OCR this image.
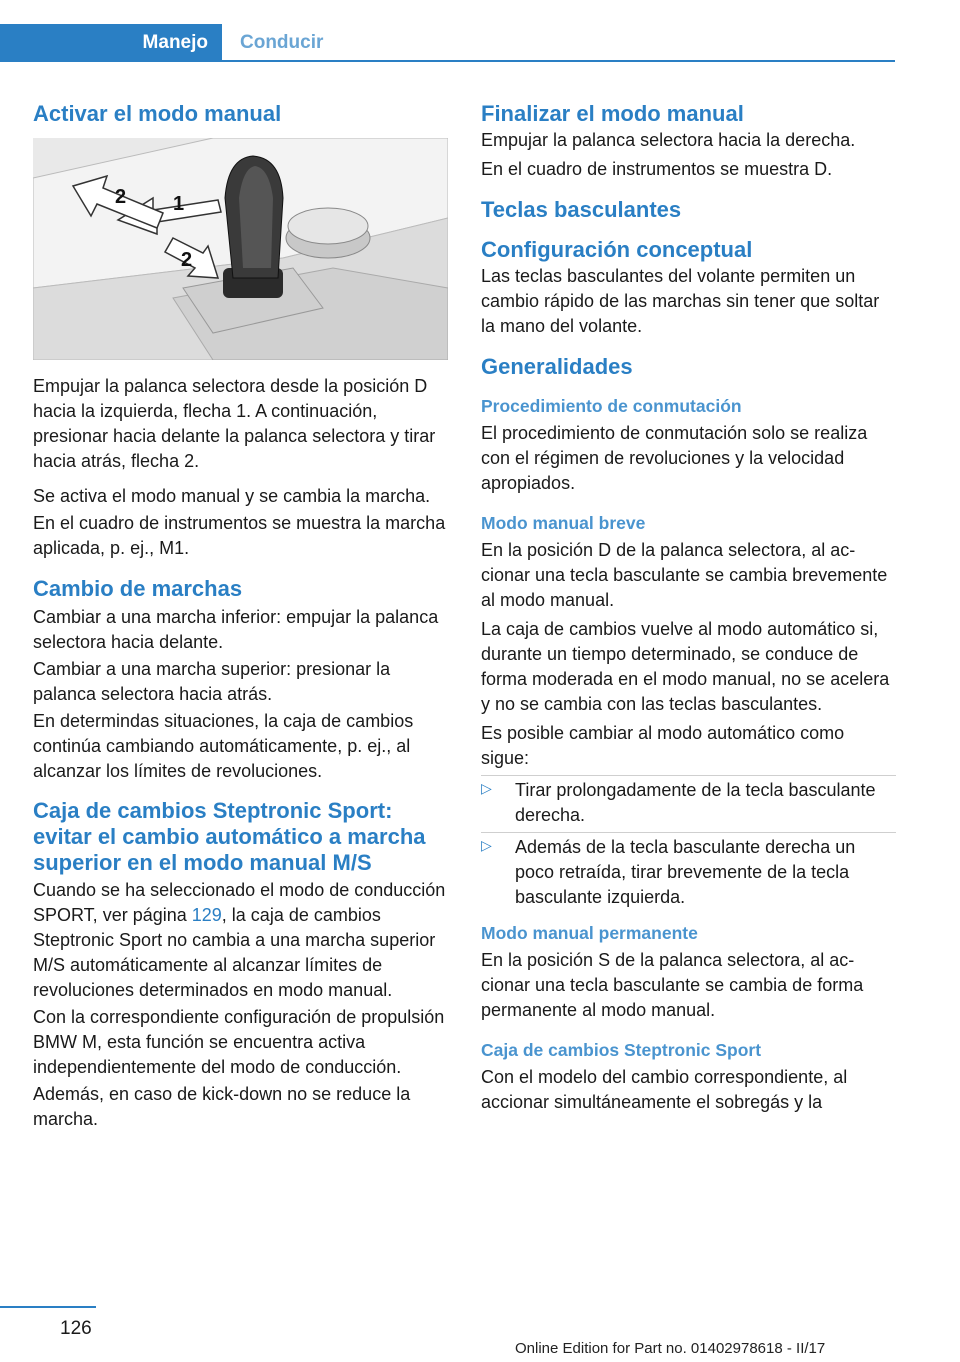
Manejo	Conducir
Activar el modo manual
1
2
2

Empujar la palanca selectora desde la posición D hacia la izquierda, flecha 1. A continuación, presionar hacia delante la palanca selectora y tirar hacia atrás, flecha 2.

Se activa el modo manual y se cambia la marcha.

En el cuadro de instrumentos se muestra la marcha aplicada, p. ej., M1.

Cambio de marchas

Cambiar a una marcha inferior: empujar la palanca selectora hacia delante.

Cambiar a una marcha superior: presionar la palanca selectora hacia atrás.

En determindas situaciones, la caja de cambios continúa cambiando automáticamente, p. ej., al alcanzar los límites de revoluciones.

Caja de cambios Steptronic Sport: evitar el cambio automático a marcha superior en el modo manual M/S

Cuando se ha seleccionado el modo de conducción SPORT, ver página 129, la caja de cambios Steptronic Sport no cambia a una marcha superior M/S automáticamente al alcanzar límites de revoluciones determinados en modo manual.

Con la correspondiente configuración de propulsión BMW M, esta función se encuentra activa independientemente del modo de conducción.

Además, en caso de kick-down no se reduce la marcha.

Finalizar el modo manual

Empujar la palanca selectora hacia la derecha.

En el cuadro de instrumentos se muestra D.

Teclas basculantes
Configuración conceptual

Las teclas basculantes del volante permiten un cambio rápido de las marchas sin tener que soltar la mano del volante.

Generalidades
Procedimiento de conmutación

El procedimiento de conmutación solo se realiza con el régimen de revoluciones y la velocidad apropiados.

Modo manual breve

En la posición D de la palanca selectora, al accionar una tecla basculante se cambia brevemente al modo manual.

La caja de cambios vuelve al modo automático si, durante un tiempo determinado, se conduce de forma moderada en el modo manual, no se acelera y no se cambia con las teclas basculantes.

Es posible cambiar al modo automático como sigue:

▷ Tirar prolongadamente de la tecla basculante derecha.
▷ Además de la tecla basculante derecha un poco retraída, tirar brevemente de la tecla basculante izquierda.
Modo manual permanente

En la posición S de la palanca selectora, al accionar una tecla basculante se cambia de forma permanente al modo manual.

Caja de cambios Steptronic Sport

Con el modelo del cambio correspondiente, al accionar simultáneamente el sobregás y la

126
Online Edition for Part no. 01402978618 - II/17
